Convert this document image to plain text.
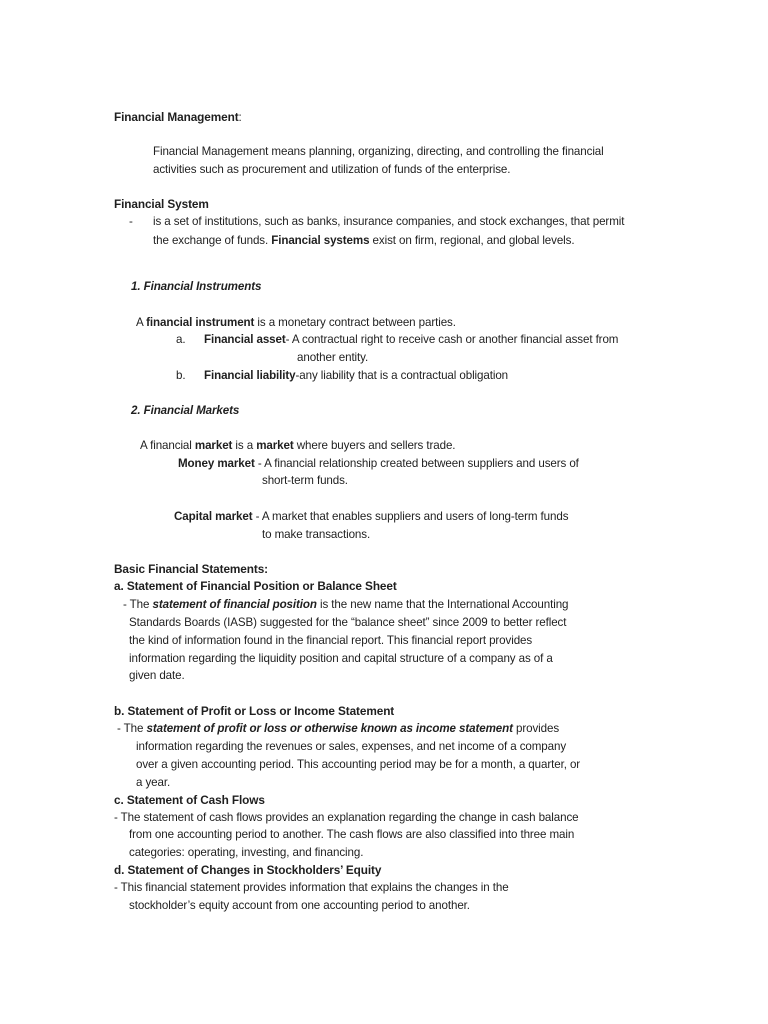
Financial Management:
Financial Management means planning, organizing, directing, and controlling the financial
activities such as procurement and utilization of funds of the enterprise.
Financial System
- is a set of institutions, such as banks, insurance companies, and stock exchanges, that permit
the exchange of funds. Financial systems exist on firm, regional, and global levels.
1. Financial Instruments
A financial instrument is a monetary contract between parties.
a. Financial asset- A contractual right to receive cash or another financial asset from
another entity.
b. Financial liability-any liability that is a contractual obligation
2. Financial Markets
A financial market is a market where buyers and sellers trade.
Money market - A financial relationship created between suppliers and users of
short-term funds.
Capital market - A market that enables suppliers and users of long-term funds
to make transactions.
Basic Financial Statements:
a. Statement of Financial Position or Balance Sheet
- The statement of financial position is the new name that the International Accounting
Standards Boards (IASB) suggested for the “balance sheet” since 2009 to better reflect
the kind of information found in the financial report. This financial report provides
information regarding the liquidity position and capital structure of a company as of a
given date.
b. Statement of Profit or Loss or Income Statement
- The statement of profit or loss or otherwise known as income statement provides
information regarding the revenues or sales, expenses, and net income of a company
over a given accounting period. This accounting period may be for a month, a quarter, or
a year.
c. Statement of Cash Flows
- The statement of cash flows provides an explanation regarding the change in cash balance
from one accounting period to another. The cash flows are also classified into three main
categories: operating, investing, and financing.
d. Statement of Changes in Stockholders’ Equity
- This financial statement provides information that explains the changes in the
stockholder’s equity account from one accounting period to another.
